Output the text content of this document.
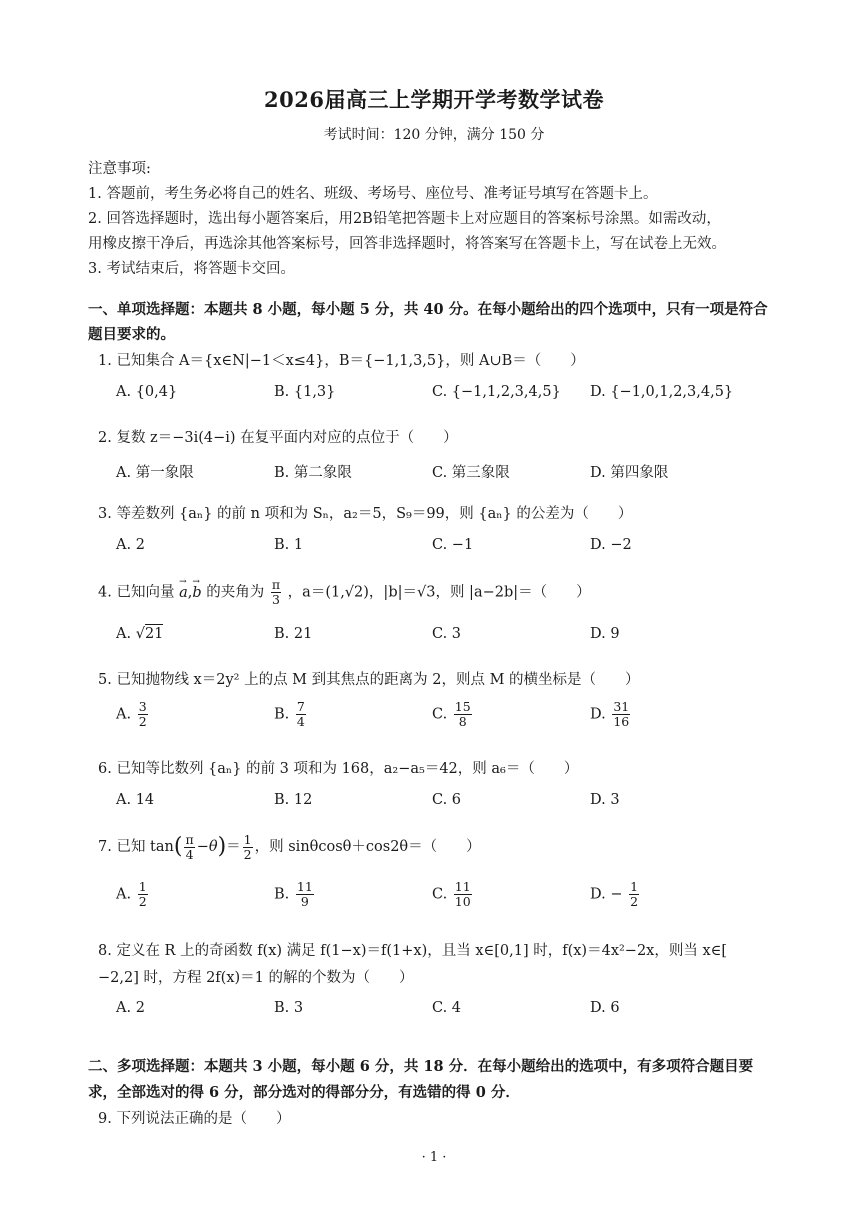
2026届高三上学期开学考数学试卷
考试时间：120 分钟，满分 150 分
注意事项:
1. 答题前，考生务必将自己的姓名、班级、考场号、座位号、准考证号填写在答题卡上。
2. 回答选择题时，选出每小题答案后，用2B铅笔把答题卡上对应题目的答案标号涂黑。如需改动，
用橡皮擦干净后，再选涂其他答案标号，回答非选择题时，将答案写在答题卡上，写在试卷上无效。
3. 考试结束后，将答题卡交回。
一、单项选择题：本题共 8 小题，每小题 5 分，共 40 分。在每小题给出的四个选项中，只有一项是符合
题目要求的。
1. 已知集合 A＝{x∈N|−1＜x≤4}，B＝{−1,1,3,5}，则 A∪B＝（　　）
A. {0,4}	B. {1,3}	C. {−1,1,2,3,4,5} D. {−1,0,1,2,3,4,5}
2. 复数 z＝−3i(4−i) 在复平面内对应的点位于（　　）
A. 第一象限	B. 第二象限	C. 第三象限	D. 第四象限
3. 等差数列 {aₙ} 的前 n 项和为 Sₙ，a₂＝5，S₉＝99，则 {aₙ} 的公差为（　　）
A. 2	B. 1	C. −1	D. −2
4. 已知向量 → a,→ b 的夹角为 $\frac{\pi}{3}$ ，a＝(1,√2)，|b|＝√3，则 |a−2b|＝（　　）
A. √21	B. 21	C. 3	D. 9
5. 已知抛物线 x＝2y² 上的点 M 到其焦点的距离为 2，则点 M 的横坐标是（　　）
A. $\frac{3}{2}$	B. $\frac{7}{4}$	C. $\frac{15}{8}$	D. $\frac{31}{16}$
6. 已知等比数列 {aₙ} 的前 3 项和为 168，a₂−a₅＝42，则 a₆＝（　　）
A. 14	B. 12	C. 6	D. 3
7. 已知 $\tan( \frac{\pi}{4} -\theta)= \frac{1}{2}$ ，则 sinθcosθ＋cos2θ＝（　　）
A. $\frac{1}{2}$	B. $\frac{11}{9}$	C. $\frac{11}{10}$	D. − $\frac{1}{2}$
8. 定义在 R 上的奇函数 f(x) 满足 f(1−x)＝f(1+x)，且当 x∈[0,1] 时，f(x)＝4x²−2x，则当 x∈[
−2,2] 时，方程 2f(x)＝1 的解的个数为（　　）
A. 2	B. 3	C. 4	D. 6
二、多项选择题：本题共 3 小题，每小题 6 分，共 18 分．在每小题给出的选项中，有多项符合题目要
求，全部选对的得 6 分，部分选对的得部分分，有选错的得 0 分．
9. 下列说法正确的是（　　）
· 1 ·
